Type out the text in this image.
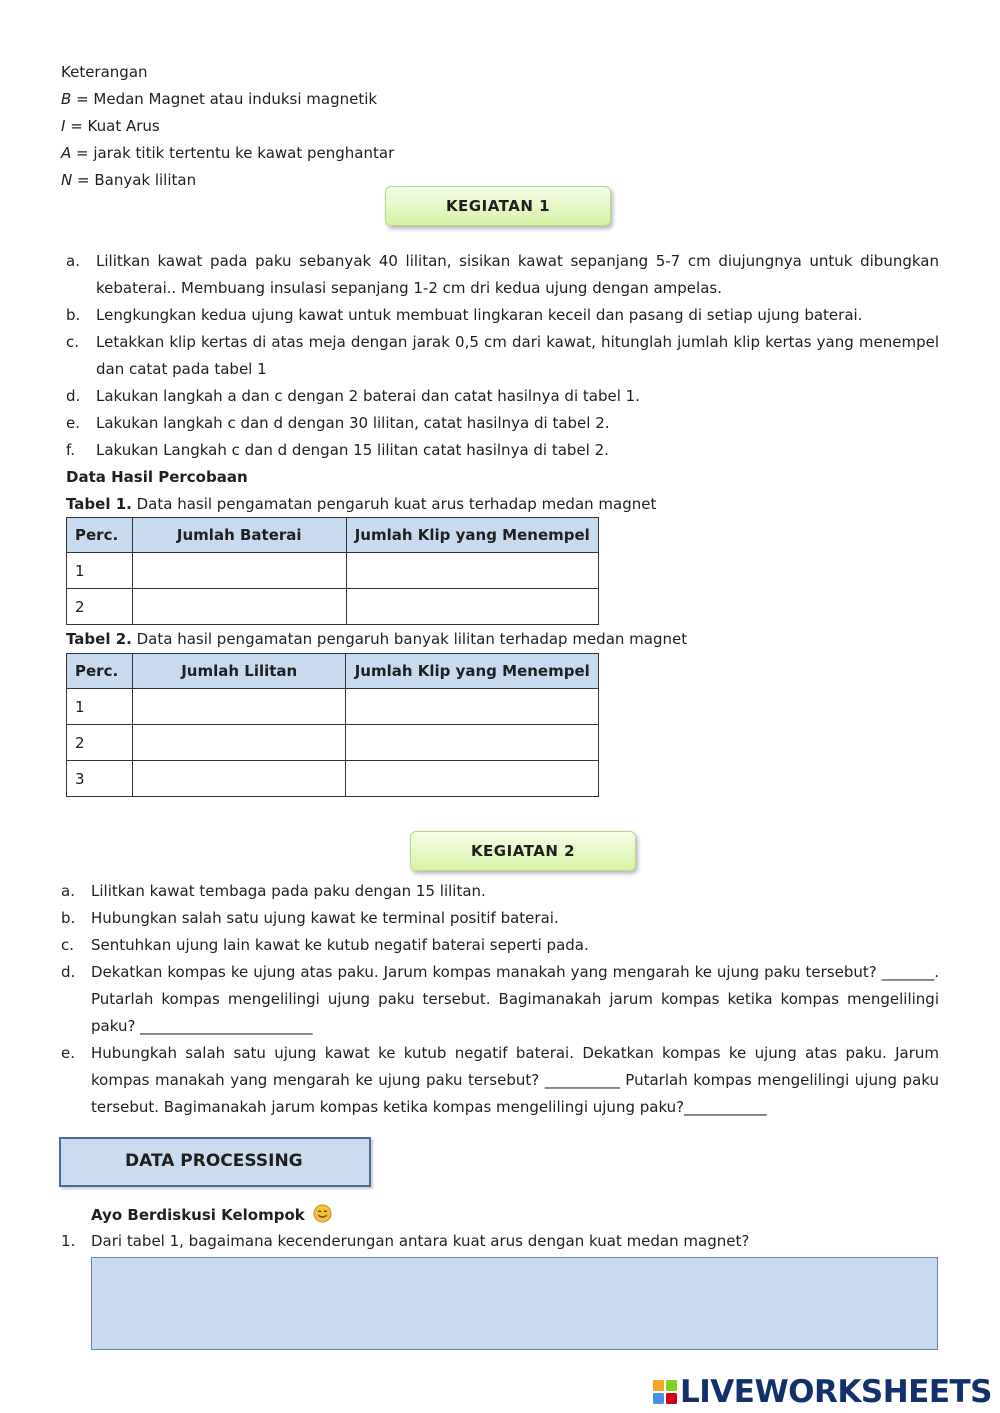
Keterangan
B = Medan Magnet atau induksi magnetik
I = Kuat Arus
A = jarak titik tertentu ke kawat penghantar
N = Banyak lilitan
KEGIATAN 1
a. Lilitkan kawat pada paku sebanyak 40 lilitan, sisikan kawat sepanjang 5-7 cm diujungnya untuk dibungkan
kebaterai.. Membuang insulasi sepanjang 1-2 cm dri kedua ujung dengan ampelas.
b. Lengkungkan kedua ujung kawat untuk membuat lingkaran keceil dan pasang di setiap ujung baterai.
c. Letakkan klip kertas di atas meja dengan jarak 0,5 cm dari kawat, hitunglah jumlah klip kertas yang menempel
dan catat pada tabel 1
d. Lakukan langkah a dan c dengan 2 baterai dan catat hasilnya di tabel 1.
e. Lakukan langkah c dan d dengan 30 lilitan, catat hasilnya di tabel 2.
f. Lakukan Langkah c dan d dengan 15 lilitan catat hasilnya di tabel 2.
Data Hasil Percobaan
Tabel 1. Data hasil pengamatan pengaruh kuat arus terhadap medan magnet
Perc.	Jumlah Baterai	Jumlah Klip yang Menempel
1		
2		
Tabel 2. Data hasil pengamatan pengaruh banyak lilitan terhadap medan magnet
Perc.	Jumlah Lilitan	Jumlah Klip yang Menempel
1		
2		
3		
KEGIATAN 2
a. Lilitkan kawat tembaga pada paku dengan 15 lilitan.
b. Hubungkan salah satu ujung kawat ke terminal positif baterai.
c. Sentuhkan ujung lain kawat ke kutub negatif baterai seperti pada.
d. Dekatkan kompas ke ujung atas paku. Jarum kompas manakah yang mengarah ke ujung paku tersebut? _______.
Putarlah kompas mengelilingi ujung paku tersebut. Bagimanakah jarum kompas ketika kompas mengelilingi
paku? _______________________
e. Hubungkah salah satu ujung kawat ke kutub negatif baterai. Dekatkan kompas ke ujung atas paku. Jarum
kompas manakah yang mengarah ke ujung paku tersebut? __________ Putarlah kompas mengelilingi ujung paku
tersebut. Bagimanakah jarum kompas ketika kompas mengelilingi ujung paku?___________
DATA PROCESSING
Ayo Berdiskusi Kelompok
1. Dari tabel 1, bagaimana kecenderungan antara kuat arus dengan kuat medan magnet?
LIVEWORKSHEETS
